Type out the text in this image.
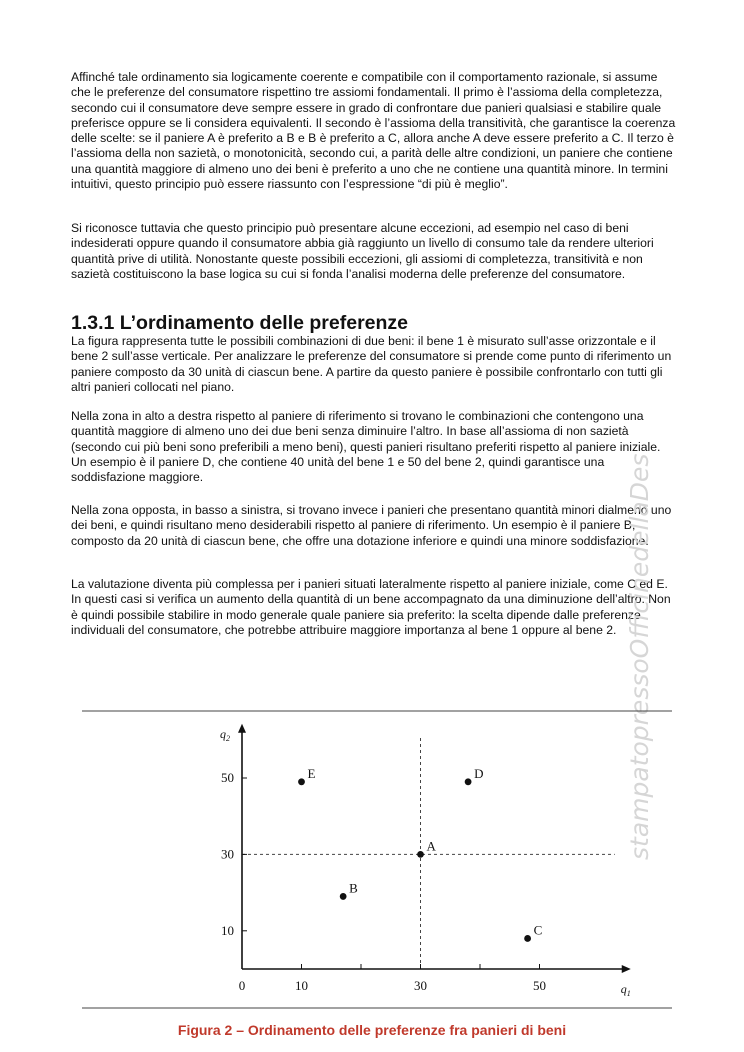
Affinché tale ordinamento sia logicamente coerente e compatibile con il comportamento razionale, si assume che le preferenze del consumatore rispettino tre assiomi fondamentali. Il primo è l’assioma della completezza, secondo cui il consumatore deve sempre essere in grado di confrontare due panieri qualsiasi e stabilire quale preferisce oppure se li considera equivalenti. Il secondo è l’assioma della transitività, che garantisce la coerenza delle scelte: se il paniere A è preferito a B e B è preferito a C, allora anche A deve essere preferito a C. Il terzo è l’assioma della non sazietà, o monotonicità, secondo cui, a parità delle altre condizioni, un paniere che contiene una quantità maggiore di almeno uno dei beni è preferito a uno che ne contiene una quantità minore. In termini intuitivi, questo principio può essere riassunto con l’espressione “di più è meglio”.

Si riconosce tuttavia che questo principio può presentare alcune eccezioni, ad esempio nel caso di beni indesiderati oppure quando il consumatore abbia già raggiunto un livello di consumo tale da rendere ulteriori quantità prive di utilità. Nonostante queste possibili eccezioni, gli assiomi di completezza, transitività e non sazietà costituiscono la base logica su cui si fonda l’analisi moderna delle preferenze del consumatore.

1.3.1 L’ordinamento delle preferenze

La figura rappresenta tutte le possibili combinazioni di due beni: il bene 1 è misurato sull’asse orizzontale e il bene 2 sull’asse verticale. Per analizzare le preferenze del consumatore si prende come punto di riferimento un paniere composto da 30 unità di ciascun bene. A partire da questo paniere è possibile confrontarlo con tutti gli altri panieri collocati nel piano.

Nella zona in alto a destra rispetto al paniere di riferimento si trovano le combinazioni che contengono una quantità maggiore di almeno uno dei due beni senza diminuire l’altro. In base all’assioma di non sazietà (secondo cui più beni sono preferibili a meno beni), questi panieri risultano preferiti rispetto al paniere iniziale. Un esempio è il paniere D, che contiene 40 unità del bene 1 e 50 del bene 2, quindi garantisce una soddisfazione maggiore.

Nella zona opposta, in basso a sinistra, si trovano invece i panieri che presentano quantità minori dialmeno uno dei beni, e quindi risultano meno desiderabili rispetto al paniere di riferimento. Un esempio è il paniere B, composto da 20 unità di ciascun bene, che offre una dotazione inferiore e quindi una minore soddisfazione.

La valutazione diventa più complessa per i panieri situati lateralmente rispetto al paniere iniziale, come C ed E. In questi casi si verifica un aumento della quantità di un bene accompagnato da una diminuzione dell’altro. Non è quindi possibile stabilire in modo generale quale paniere sia preferito: la scelta dipende dalle preferenze individuali del consumatore, che potrebbe attribuire maggiore importanza al bene 1 oppure al bene 2. stampatopressoOfficinedellaDes
0	10	30	50
10
30
50
$q_2$
$q_1$
A
B
C
D
E

Figura 2 – Ordinamento delle preferenze fra panieri di beni
